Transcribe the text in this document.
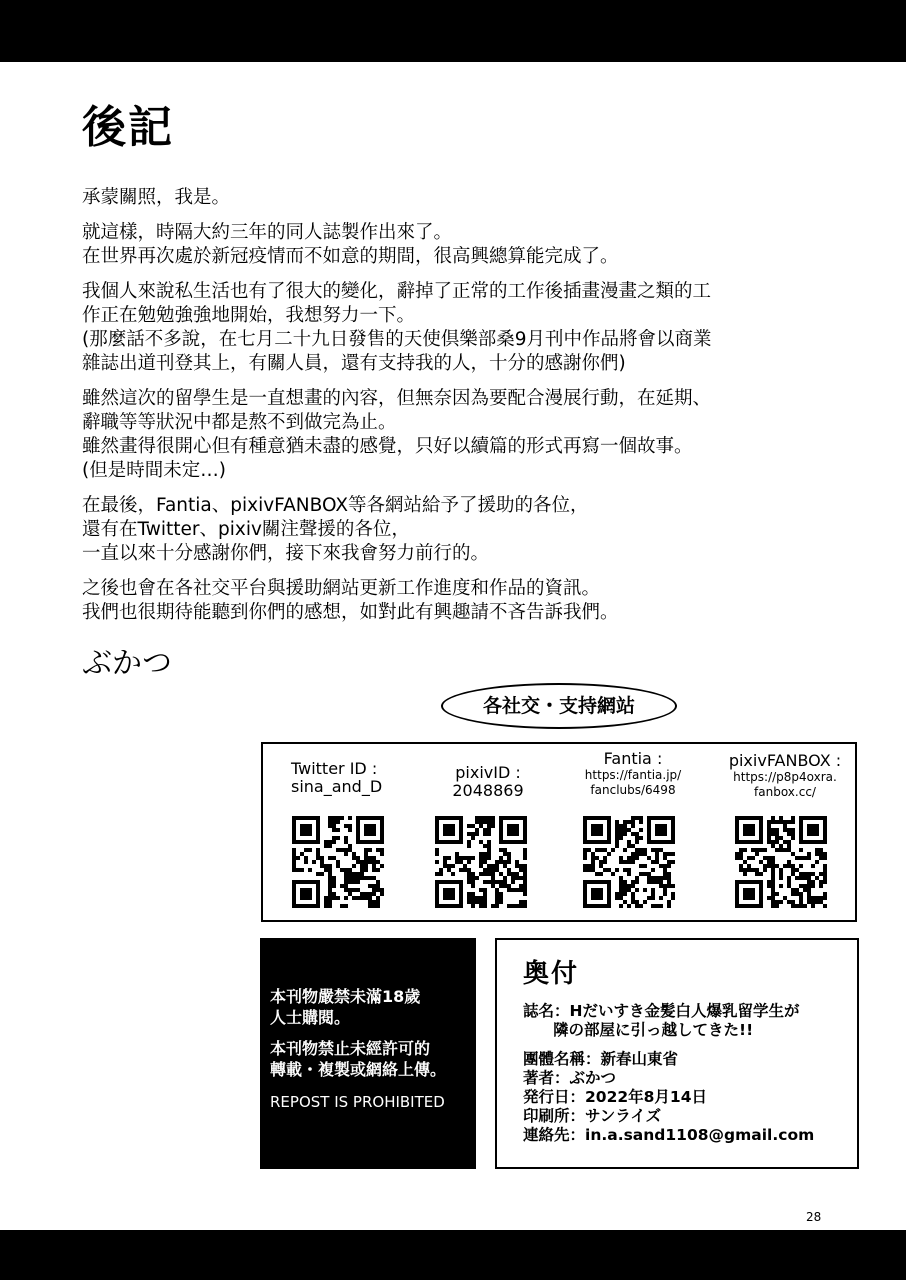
後記
承蒙關照，我是。
就這樣，時隔大約三年的同人誌製作出來了。
在世界再次處於新冠疫情而不如意的期間，很高興總算能完成了。
我個人來說私生活也有了很大的變化，辭掉了正常的工作後插畫漫畫之類的工
作正在勉勉強強地開始，我想努力一下。
(那麼話不多說，在七月二十九日發售的天使倶樂部桑9月刊中作品將會以商業
雜誌出道刊登其上，有關人員，還有支持我的人，十分的感謝你們)
雖然這次的留學生是一直想畫的內容，但無奈因為要配合漫展行動，在延期、
辭職等等狀況中都是熬不到做完為止。
雖然畫得很開心但有種意猶未盡的感覺，只好以續篇的形式再寫一個故事。
(但是時間未定…)
在最後，Fantia、pixivFANBOX等各網站給予了援助的各位，
還有在Twitter、pixiv關注聲援的各位，
一直以來十分感謝你們，接下來我會努力前行的。
之後也會在各社交平台與援助網站更新工作進度和作品的資訊。
我們也很期待能聽到你們的感想，如對此有興趣請不吝告訴我們。
ぶかつ
各社交・支持網站
Twitter ID :
sina_and_D
pixivID :
2048869
Fantia :
https://fantia.jp/
fanclubs/6498
pixivFANBOX :
https://p8p4oxra.
fanbox.cc/
本刊物嚴禁未滿18歲
人士購閱。
本刊物禁止未經許可的
轉載・複製或網絡上傳。
REPOST IS PROHIBITED
奥付
誌名：Hだいすき金髪白人爆乳留学生が
隣の部屋に引っ越してきた!!
團體名稱：新春山東省
著者：ぶかつ
発行日：2022年8月14日
印刷所：サンライズ
連絡先：in.a.sand1108@gmail.com
28
